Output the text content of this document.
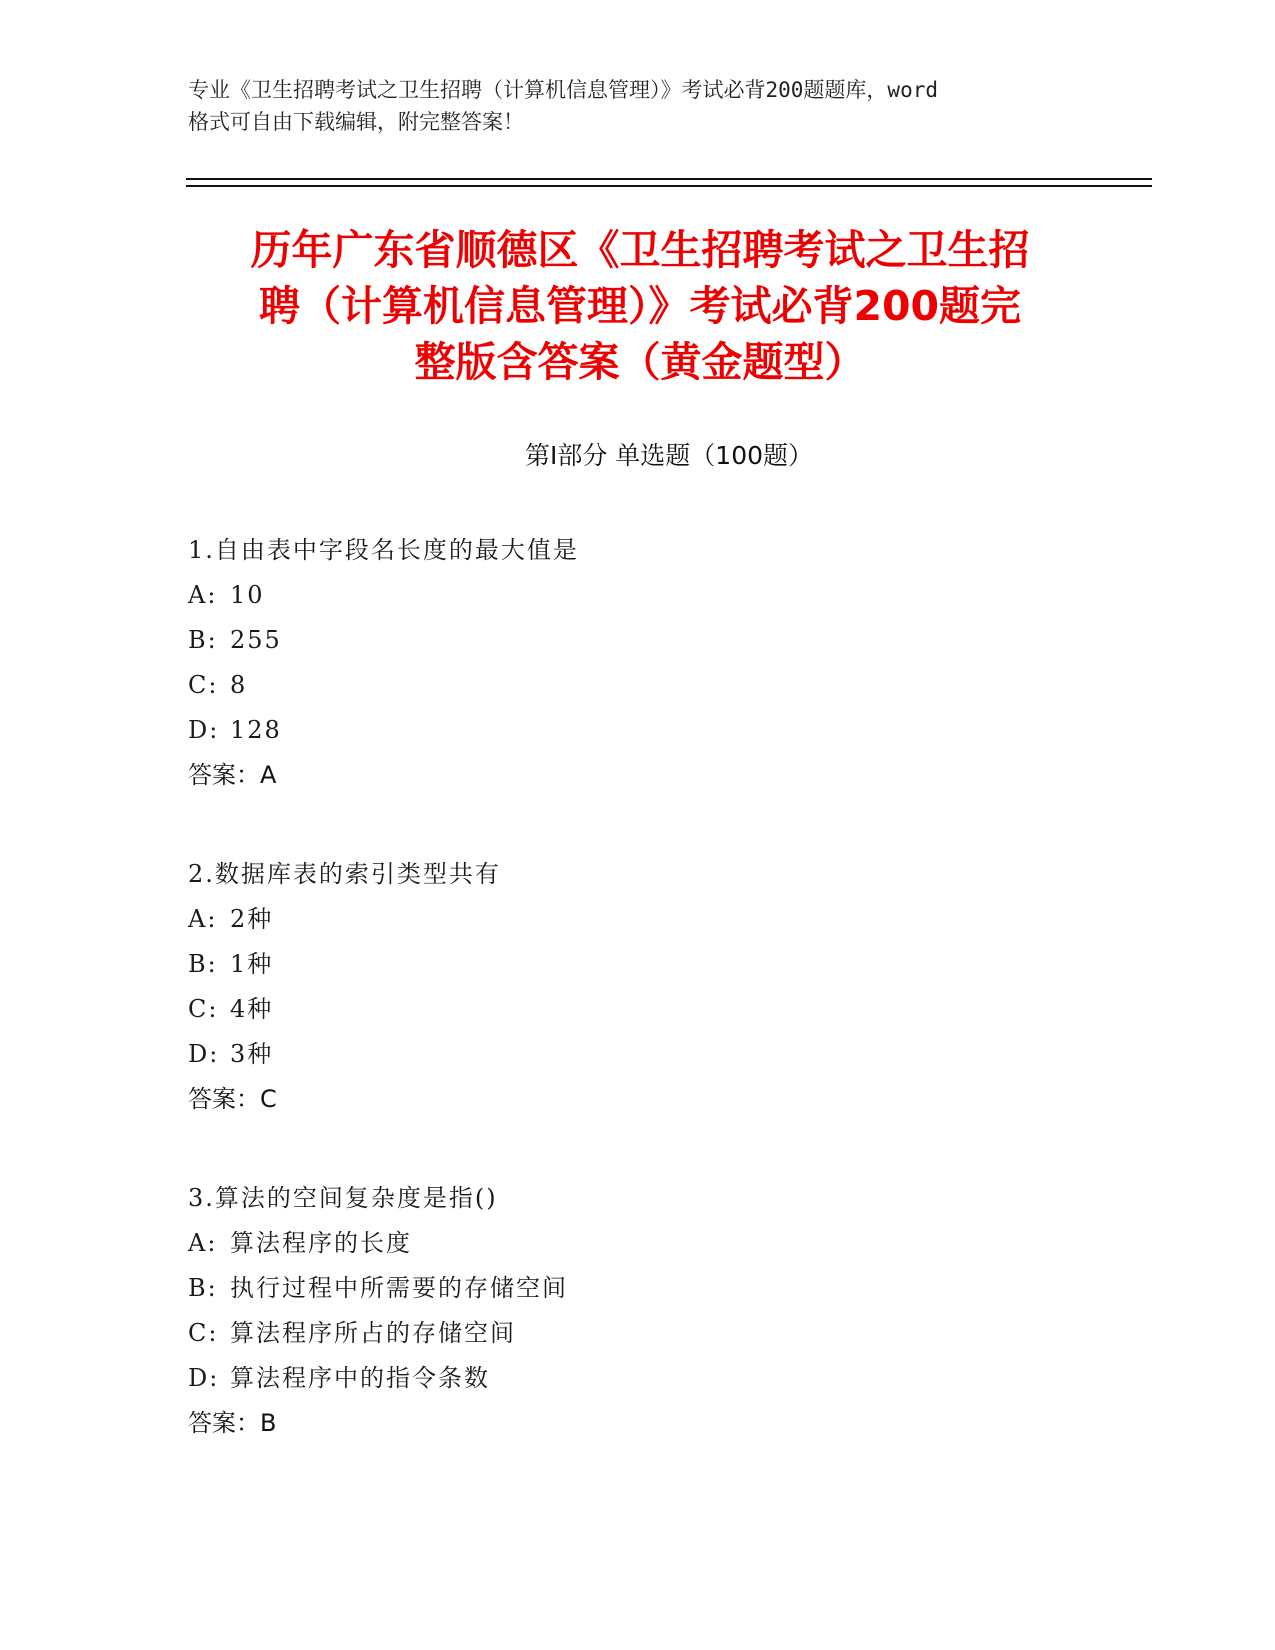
专业《卫生招聘考试之卫生招聘（计算机信息管理）》考试必背200题题库，word
格式可自由下载编辑，附完整答案！
历年广东省顺德区《卫生招聘考试之卫生招
聘（计算机信息管理）》考试必背200题完
整版含答案（黄金题型）
第Ⅰ部分 单选题（100题）
1.自由表中字段名长度的最大值是
A: 10
B: 255
C: 8
D: 128
答案：A
2.数据库表的索引类型共有
A: 2种
B: 1种
C: 4种
D: 3种
答案：C
3.算法的空间复杂度是指()
A: 算法程序的长度
B: 执行过程中所需要的存储空间
C: 算法程序所占的存储空间
D: 算法程序中的指令条数
答案：B
